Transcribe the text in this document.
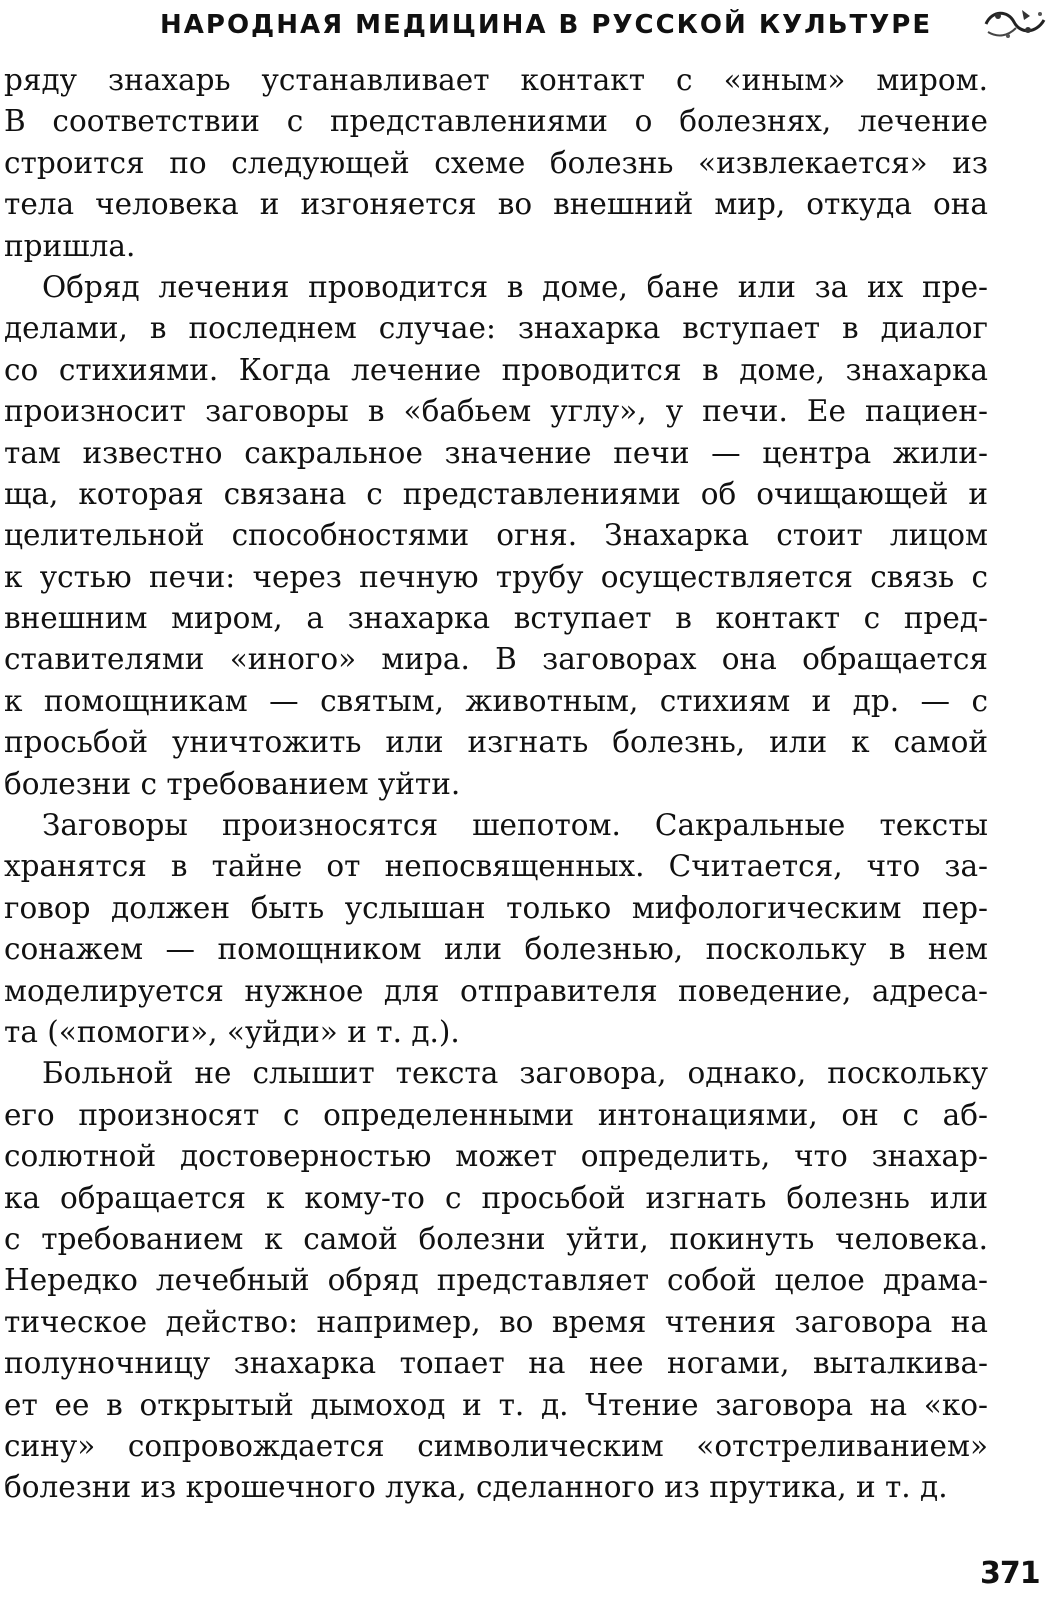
НАРОДНАЯ МЕДИЦИНА В РУССКОЙ КУЛЬТУРЕ
ряду знахарь устанавливает контакт с «иным» миром.
В соответствии с представлениями о болезнях, лечение
строится по следующей схеме болезнь «извлекается» из
тела человека и изгоняется во внешний мир, откуда она
пришла.
Обряд лечения проводится в доме, бане или за их пре-
делами, в последнем случае: знахарка вступает в диалог
со стихиями. Когда лечение проводится в доме, знахарка
произносит заговоры в «бабьем углу», у печи. Ее пациен-
там известно сакральное значение печи — центра жили-
ща, которая связана с представлениями об очищающей и
целительной способностями огня. Знахарка стоит лицом
к устью печи: через печную трубу осуществляется связь с
внешним миром, а знахарка вступает в контакт с пред-
ставителями «иного» мира. В заговорах она обращается
к помощникам — святым, животным, стихиям и др. — с
просьбой уничтожить или изгнать болезнь, или к самой
болезни с требованием уйти.
Заговоры произносятся шепотом. Сакральные тексты
хранятся в тайне от непосвященных. Считается, что за-
говор должен быть услышан только мифологическим пер-
сонажем — помощником или болезнью, поскольку в нем
моделируется нужное для отправителя поведение, адреса-
та («помоги», «уйди» и т. д.).
Больной не слышит текста заговора, однако, поскольку
его произносят с определенными интонациями, он с аб-
солютной достоверностью может определить, что знахар-
ка обращается к кому-то с просьбой изгнать болезнь или
с требованием к самой болезни уйти, покинуть человека.
Нередко лечебный обряд представляет собой целое драма-
тическое действо: например, во время чтения заговора на
полуночницу знахарка топает на нее ногами, выталкива-
ет ее в открытый дымоход и т. д. Чтение заговора на «ко-
сину» сопровождается символическим «отстреливанием»
болезни из крошечного лука, сделанного из прутика, и т. д.
371
